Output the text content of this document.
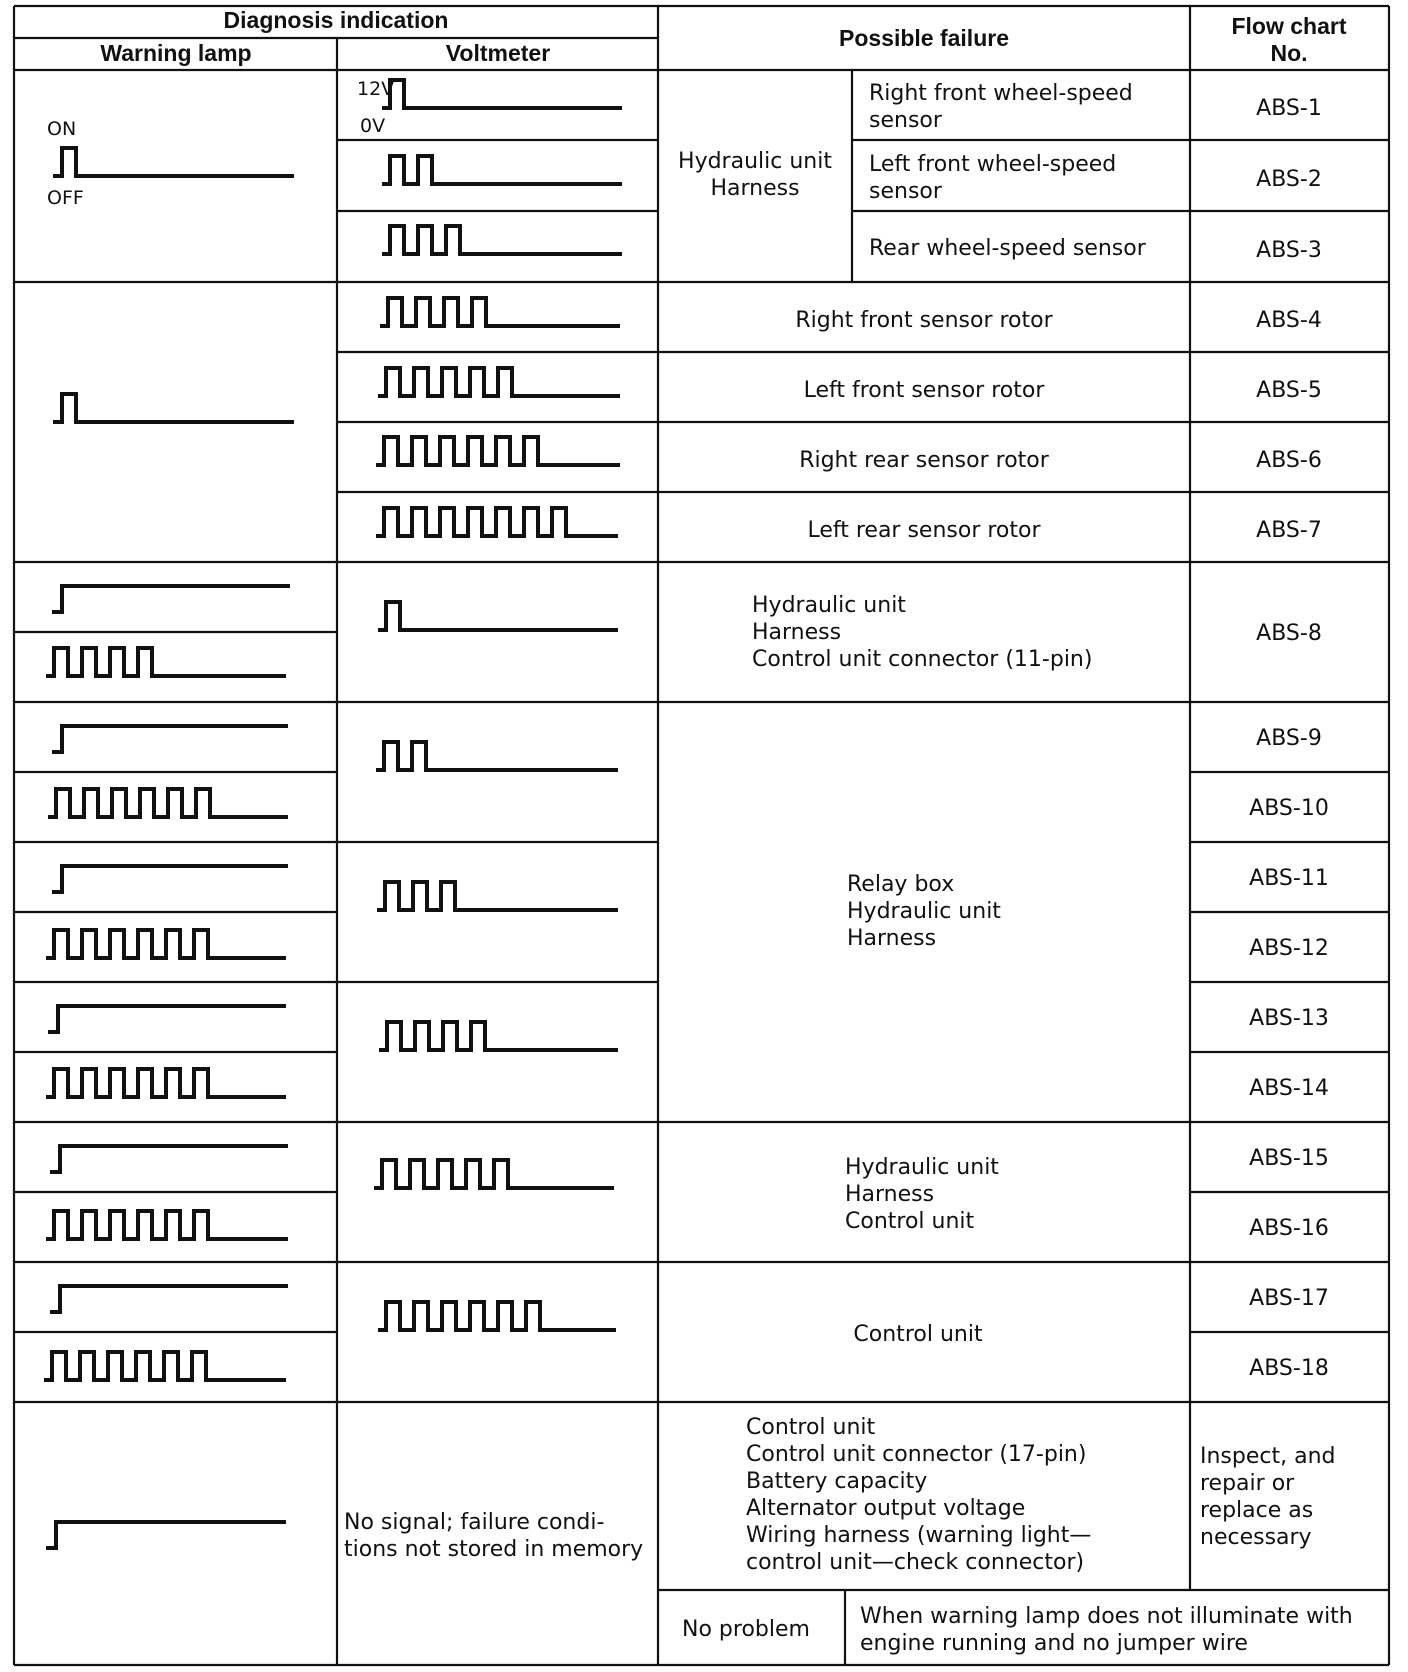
Diagnosis indication
Warning lamp	Voltmeter
Possible failure	Flow chart
No.
ON
OFF
12V
0V
Hydraulic unit
Harness
Right front wheel-speed
sensor
Left front wheel-speed
sensor
Rear wheel-speed sensor
Right front sensor rotor
Left front sensor rotor
Right rear sensor rotor
Left rear sensor rotor
Hydraulic unit
Harness
Control unit connector (11-pin)
Relay box
Hydraulic unit
Harness
Hydraulic unit
Harness
Control unit
Control unit
Control unit
Control unit connector (17-pin)
Battery capacity
Alternator output voltage
Wiring harness (warning light—
control unit—check connector)
No signal; failure condi-
tions not stored in memory
Inspect, and
repair or
replace as
necessary
No problem
When warning lamp does not illuminate with
engine running and no jumper wire
ABS-1
ABS-2
ABS-3
ABS-4
ABS-5
ABS-6
ABS-7
ABS-8
ABS-9
ABS-10
ABS-11
ABS-12
ABS-13
ABS-14
ABS-15
ABS-16
ABS-17
ABS-18
